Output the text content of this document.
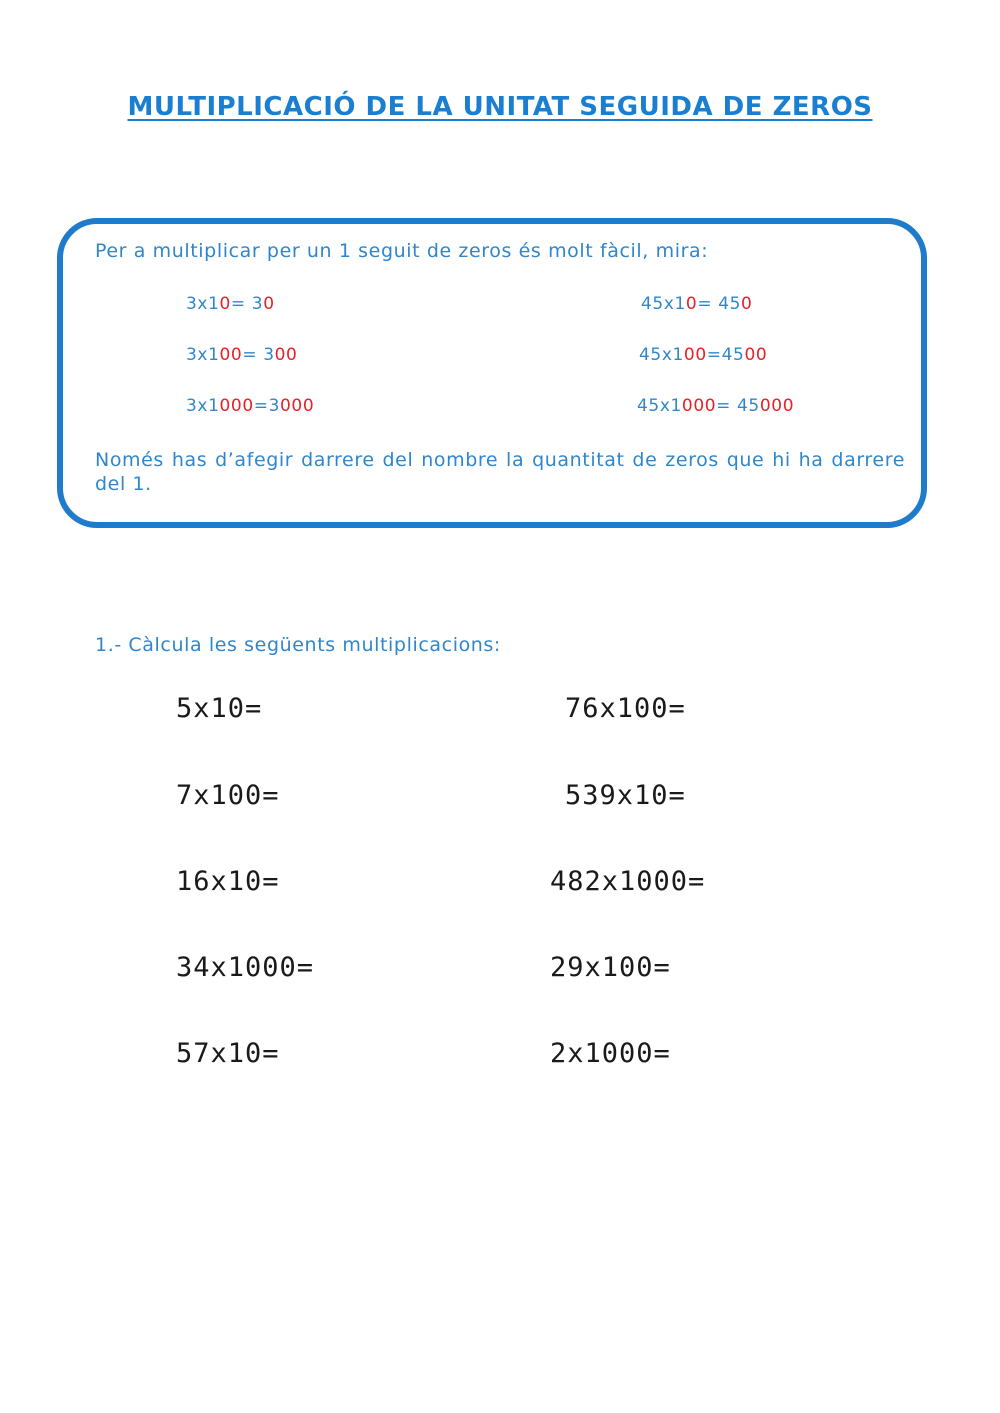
MULTIPLICACIÓ DE LA UNITAT SEGUIDA DE ZEROS
Per a multiplicar per un 1 seguit de zeros és molt fàcil, mira:
3x10= 30
3x100= 300
3x1000=3000
45x10= 450
45x100=4500
45x1000= 45000
Només has d’afegir darrere del nombre la quantitat de zeros que hi ha darrere del 1.
1.- Càlcula les següents multiplicacions:
5x10=
7x100=
16x10=
34x1000=
57x10=
76x100=
539x10=
482x1000=
29x100=
2x1000=
